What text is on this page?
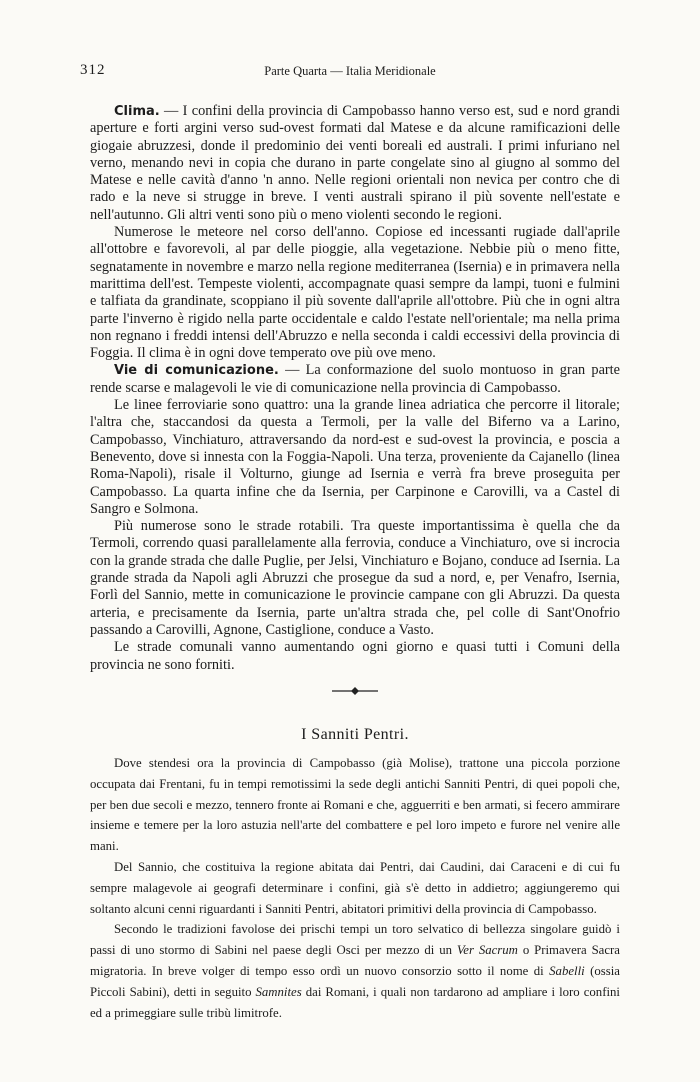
312	Parte Quarta — Italia Meridionale

Clima. — I confini della provincia di Campobasso hanno verso est, sud e nord grandi aperture e forti argini verso sud-ovest formati dal Matese e da alcune ramificazioni delle giogaie abruzzesi, donde il predominio dei venti boreali ed australi. I primi infuriano nel verno, menando nevi in copia che durano in parte congelate sino al giugno al sommo del Matese e nelle cavità d'anno 'n anno. Nelle regioni orientali non nevica per contro che di rado e la neve si strugge in breve. I venti australi spirano il più sovente nell'estate e nell'autunno. Gli altri venti sono più o meno violenti secondo le regioni.

Numerose le meteore nel corso dell'anno. Copiose ed incessanti rugiade dall'aprile all'ottobre e favorevoli, al par delle pioggie, alla vegetazione. Nebbie più o meno fitte, segnatamente in novembre e marzo nella regione mediterranea (Isernia) e in primavera nella marittima dell'est. Tempeste violenti, accompagnate quasi sempre da lampi, tuoni e fulmini e talfiata da grandinate, scoppiano il più sovente dall'aprile all'ottobre. Più che in ogni altra parte l'inverno è rigido nella parte occidentale e caldo l'estate nell'orientale; ma nella prima non regnano i freddi intensi dell'Abruzzo e nella seconda i caldi eccessivi della provincia di Foggia. Il clima è in ogni dove temperato ove più ove meno.

Vie di comunicazione. — La conformazione del suolo montuoso in gran parte rende scarse e malagevoli le vie di comunicazione nella provincia di Campobasso.

Le linee ferroviarie sono quattro: una la grande linea adriatica che percorre il litorale; l'altra che, staccandosi da questa a Termoli, per la valle del Biferno va a Larino, Campobasso, Vinchiaturo, attraversando da nord-est e sud-ovest la provincia, e poscia a Benevento, dove si innesta con la Foggia-Napoli. Una terza, proveniente da Cajanello (linea Roma-Napoli), risale il Volturno, giunge ad Isernia e verrà fra breve proseguita per Campobasso. La quarta infine che da Isernia, per Carpinone e Carovilli, va a Castel di Sangro e Solmona.

Più numerose sono le strade rotabili. Tra queste importantissima è quella che da Termoli, correndo quasi parallelamente alla ferrovia, conduce a Vinchiaturo, ove si incrocia con la grande strada che dalle Puglie, per Jelsi, Vinchiaturo e Bojano, conduce ad Isernia. La grande strada da Napoli agli Abruzzi che prosegue da sud a nord, e, per Venafro, Isernia, Forlì del Sannio, mette in comunicazione le provincie campane con gli Abruzzi. Da questa arteria, e precisamente da Isernia, parte un'altra strada che, pel colle di Sant'Onofrio passando a Carovilli, Agnone, Castiglione, conduce a Vasto.

Le strade comunali vanno aumentando ogni giorno e quasi tutti i Comuni della provincia ne sono forniti.

I Sanniti Pentri.

Dove stendesi ora la provincia di Campobasso (già Molise), trattone una piccola porzione occupata dai Frentani, fu in tempi remotissimi la sede degli antichi Sanniti Pentri, di quei popoli che, per ben due secoli e mezzo, tennero fronte ai Romani e che, agguerriti e ben armati, si fecero ammirare insieme e temere per la loro astuzia nell'arte del combattere e pel loro impeto e furore nel venire alle mani.

Del Sannio, che costituiva la regione abitata dai Pentri, dai Caudini, dai Caraceni e di cui fu sempre malagevole ai geografi determinare i confini, già s'è detto in addietro; aggiungeremo qui soltanto alcuni cenni riguardanti i Sanniti Pentri, abitatori primitivi della provincia di Campobasso.

Secondo le tradizioni favolose dei prischi tempi un toro selvatico di bellezza singolare guidò i passi di uno stormo di Sabini nel paese degli Osci per mezzo di un Ver Sacrum o Primavera Sacra migratoria. In breve volger di tempo esso ordì un nuovo consorzio sotto il nome di Sabelli (ossia Piccoli Sabini), detti in seguito Samnites dai Romani, i quali non tardarono ad ampliare i loro confini ed a primeggiare sulle tribù limitrofe.
